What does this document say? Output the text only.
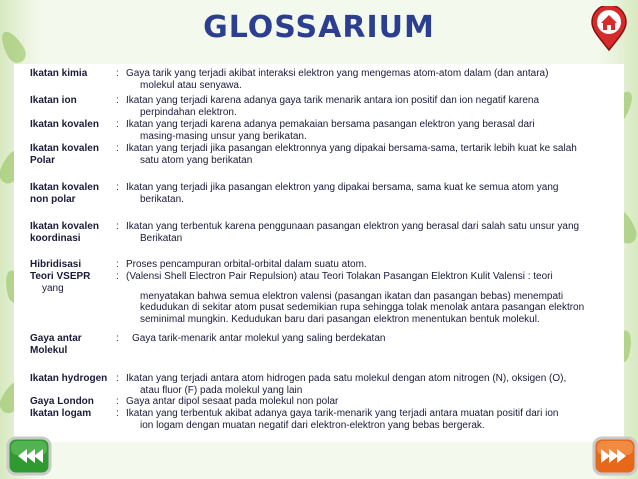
GLOSSARIUM
Ikatan kimia	: Gaya tarik yang terjadi akibat interaksi elektron yang mengemas atom-atom dalam (dan antara)
molekul atau senyawa.
Ikatan ion	: Ikatan yang terjadi karena adanya gaya tarik menarik antara ion positif dan ion negatif karena
perpindahan elektron.
Ikatan kovalen	: Ikatan yang terjadi karena adanya pemakaian bersama pasangan elektron yang berasal dari
masing-masing unsur yang berikatan.
Ikatan kovalen
Polar
: Ikatan yang terjadi jika pasangan elektronnya yang dipakai bersama-sama, tertarik lebih kuat ke salah
satu atom yang berikatan
Ikatan kovalen
non polar
: Ikatan yang terjadi jika pasangan elektron yang dipakai bersama, sama kuat ke semua atom yang
berikatan.
Ikatan kovalen
koordinasi
: Ikatan yang terbentuk karena penggunaan pasangan elektron yang berasal dari salah satu unsur yang
Berikatan
Hibridisasi	: Proses pencampuran orbital-orbital dalam suatu atom.
Teori VSEPR
yang
: (Valensi Shell Electron Pair Repulsion) atau Teori Tolakan Pasangan Elektron Kulit Valensi : teori
menyatakan bahwa semua elektron valensi (pasangan ikatan dan pasangan bebas) menempati
kedudukan di sekitar atom pusat sedemikian rupa sehingga tolak menolak antara pasangan elektron
seminimal mungkin. Kedudukan baru dari pasangan elektron menentukan bentuk molekul.
Gaya antar
Molekul
: Gaya tarik-menarik antar molekul yang saling berdekatan
Ikatan hydrogen : Ikatan yang terjadi antara atom hidrogen pada satu molekul dengan atom nitrogen (N), oksigen (O),
atau fluor (F) pada molekul yang lain
Gaya London	: Gaya antar dipol sesaat pada molekul non polar
Ikatan logam	: Ikatan yang terbentuk akibat adanya gaya tarik-menarik yang terjadi antara muatan positif dari ion
ion logam dengan muatan negatif dari elektron-elektron yang bebas bergerak.
